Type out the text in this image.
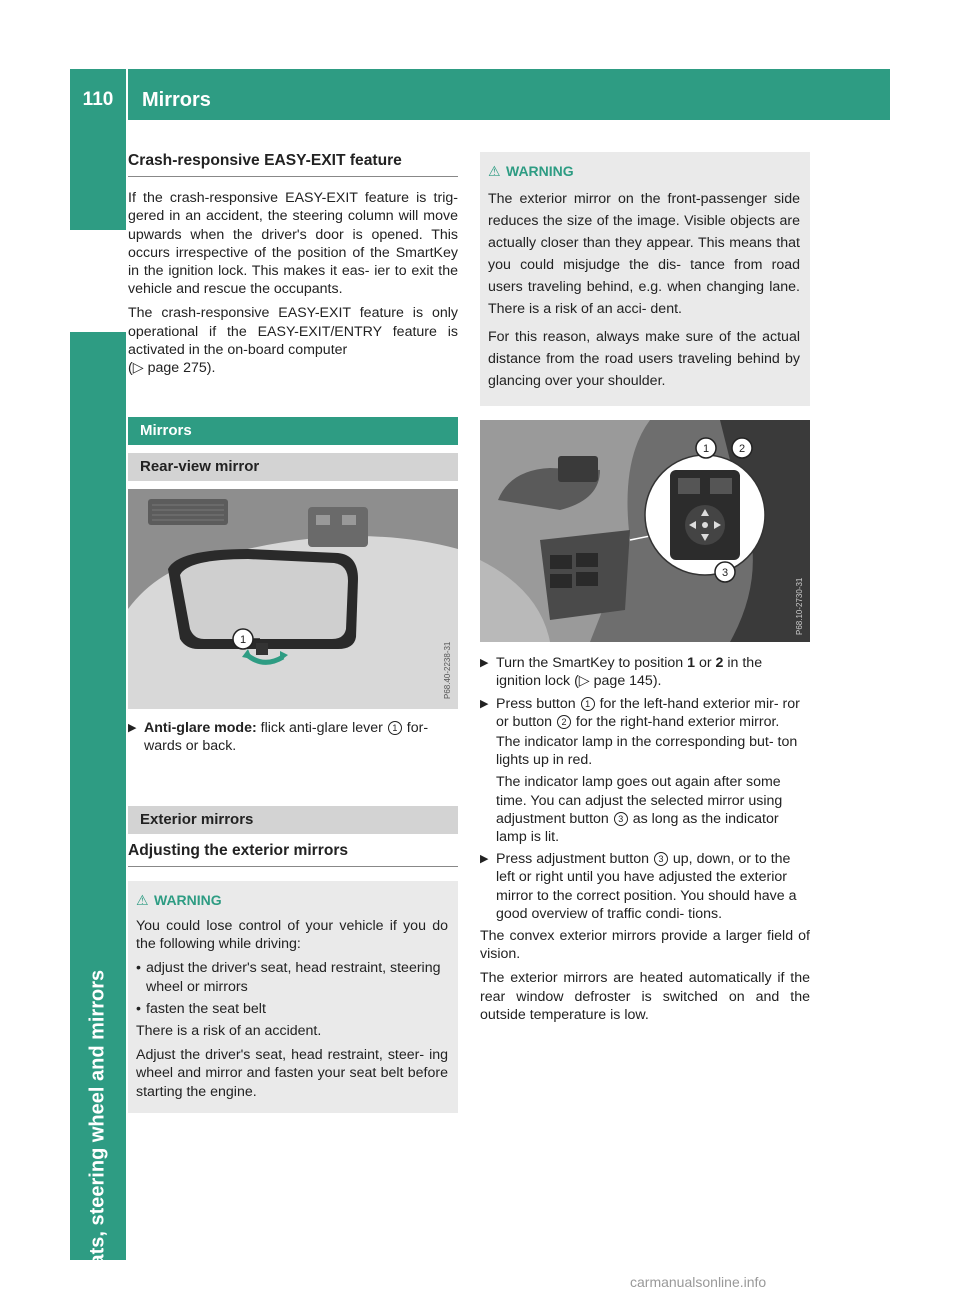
110	Mirrors
Seats, steering wheel and mirrors
Crash-responsive EASY-EXIT feature

If the crash-responsive EASY-EXIT feature is trig- gered in an accident, the steering column will move upwards when the driver's door is opened. This occurs irrespective of the position of the SmartKey in the ignition lock. This makes it eas- ier to exit the vehicle and rescue the occupants.

The crash-responsive EASY-EXIT feature is only operational if the EASY-EXIT/ENTRY feature is activated in the on-board computer

(▷ page 275).
Mirrors
Rear-view mirror
1
P68.40-2238-31
▶ Anti-glare mode: flick anti-glare lever 1 for- wards or back.
Exterior mirrors
Adjusting the exterior mirrors
⚠ WARNING

You could lose control of your vehicle if you do the following while driving:

• adjust the driver's seat, head restraint, steering wheel or mirrors
• fasten the seat belt

There is a risk of an accident.

Adjust the driver's seat, head restraint, steer- ing wheel and mirror and fasten your seat belt before starting the engine.

⚠ WARNING

The exterior mirror on the front-passenger side reduces the size of the image. Visible objects are actually closer than they appear. This means that you could misjudge the dis- tance from road users traveling behind, e.g. when changing lane. There is a risk of an acci- dent.

For this reason, always make sure of the actual distance from the road users traveling behind by glancing over your shoulder.

1	2
3
P68.10-2730-31
▶ Turn the SmartKey to position 1 or 2 in the ignition lock (▷ page 145).
▶ Press button 1 for the left-hand exterior mir- ror or button 2 for the right-hand exterior mirror.
The indicator lamp in the corresponding but- ton lights up in red.
The indicator lamp goes out again after some time. You can adjust the selected mirror using adjustment button 3 as long as the indicator lamp is lit.
▶ Press adjustment button 3 up, down, or to the left or right until you have adjusted the exterior mirror to the correct position. You should have a good overview of traffic condi- tions.

The convex exterior mirrors provide a larger field of vision.

The exterior mirrors are heated automatically if the rear window defroster is switched on and the outside temperature is low.

carmanualsonline.info
